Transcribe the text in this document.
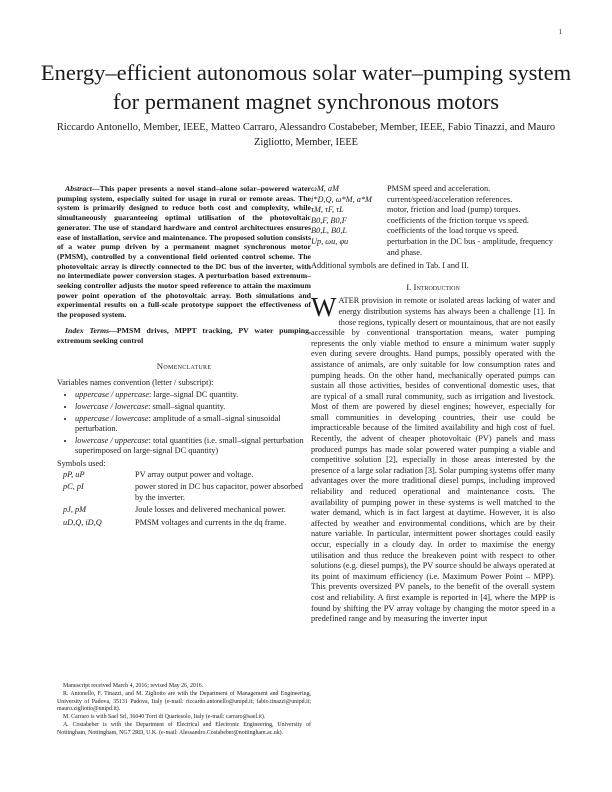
1
Energy–efficient autonomous solar water–pumping system for permanent magnet synchronous motors
Riccardo Antonello, Member, IEEE, Matteo Carraro, Alessandro Costabeber, Member, IEEE, Fabio Tinazzi, and Mauro Zigliotto, Member, IEEE

Abstract—This paper presents a novel stand–alone solar–powered water pumping system, especially suited for usage in rural or remote areas. The system is primarily designed to reduce both cost and complexity, while simultaneously guaranteeing optimal utilisation of the photovoltaic generator. The use of standard hardware and control architectures ensures ease of installation, service and maintenance. The proposed solution consists of a water pump driven by a permanent magnet synchronous motor (PMSM), controlled by a conventional field oriented control scheme. The photovoltaic array is directly connected to the DC bus of the inverter, with no intermediate power conversion stages. A perturbation based extremum–seeking controller adjusts the motor speed reference to attain the maximum power point operation of the photovoltaic array. Both simulations and experimental results on a full-scale prototype support the effectiveness of the proposed system.

Index Terms—PMSM drives, MPPT tracking, PV water pumping, extremum seeking control

Nomenclature

Variables names convention (letter / subscript):

• uppercase / uppercase: large–signal DC quantity.
• lowercase / lowercase: small–signal quantity.
• uppercase / lowercase: amplitude of a small–signal sinusoidal perturbation.
• lowercase / uppercase: total quantities (i.e. small–signal perturbation superimposed on large-signal DC quantity)

Symbols used:

pP, uP	PV array output power and voltage.
pC, pI	power stored in DC bus capacitor, power absorbed by the inverter.
pJ, pM	Joule losses and delivered mechanical power.
uD,Q, iD,Q	PMSM voltages and currents in the dq frame.

Manuscript received March 4, 2016; revised May 26, 2016.

R. Antonello, F. Tinazzi, and M. Zigliotto are with the Department of Management and Engineering, University of Padova, 35131 Padova, Italy (e-mail: riccardo.antonello@unipd.it; fabio.tinazzi@unipd.it; mauro.zigliotto@unipd.it).

M. Carraro is with Sael Srl, 36040 Torri di Quartesolo, Italy (e-mail: carraro@sael.it).

A. Costabeber is with the Department of Electrical and Electronic Engineering, University of Nottingham, Nottingham, NG7 2RD, U.K. (e-mail: Alessandro.Costabeber@nottingham.ac.uk).

ωM, aM	PMSM speed and acceleration.
i*D,Q, ω*M, a*M	current/speed/acceleration references.
τM, τF, τL	motor, friction and load (pump) torques.
B0,F, B0,F	coefficients of the friction torque vs speed.
B0,L, B0,L	coefficients of the load torque vs speed.
Up, ωu, φu	perturbation in the DC bus - amplitude, frequency and phase.

Additional symbols are defined in Tab. I and II.

I. Introduction

WATER provision in remote or isolated areas lacking of water and energy distribution systems has always been a challenge [1]. In those regions, typically desert or mountainous, that are not easily accessible by conventional transportation means, water pumping represents the only viable method to ensure a minimum water supply even during severe droughts. Hand pumps, possibly operated with the assistance of animals, are only suitable for low consumption rates and pumping heads. On the other hand, mechanically operated pumps can sustain all those activities, besides of conventional domestic uses, that are typical of a small rural community, such as irrigation and livestock. Most of them are powered by diesel engines; however, especially for small communities in developing countries, their use could be impracticeable because of the limited availability and high cost of fuel. Recently, the advent of cheaper photovoltaic (PV) panels and mass produced pumps has made solar powered water pumping a viable and competitive solution [2], especially in those areas interested by the presence of a large solar radiation [3]. Solar pumping systems offer many advantages over the more traditional diesel pumps, including improved reliability and reduced operational and maintenance costs. The availability of pumping power in these systems is well matched to the water demand, which is in fact largest at daytime. However, it is also affected by weather and environmental conditions, which are by their nature variable. In particular, intermittent power shortages could easily occur, especially in a cloudy day. In order to maximise the energy utilisation and thus reduce the breakeven point with respect to other solutions (e.g. diesel pumps), the PV source should be always operated at its point of maximum efficiency (i.e. Maximum Power Point – MPP). This prevents oversized PV panels, to the benefit of the overall system cost and reliability. A first example is reported in [4], where the MPP is found by shifting the PV array voltage by changing the motor speed in a predefined range and by measuring the inverter input
